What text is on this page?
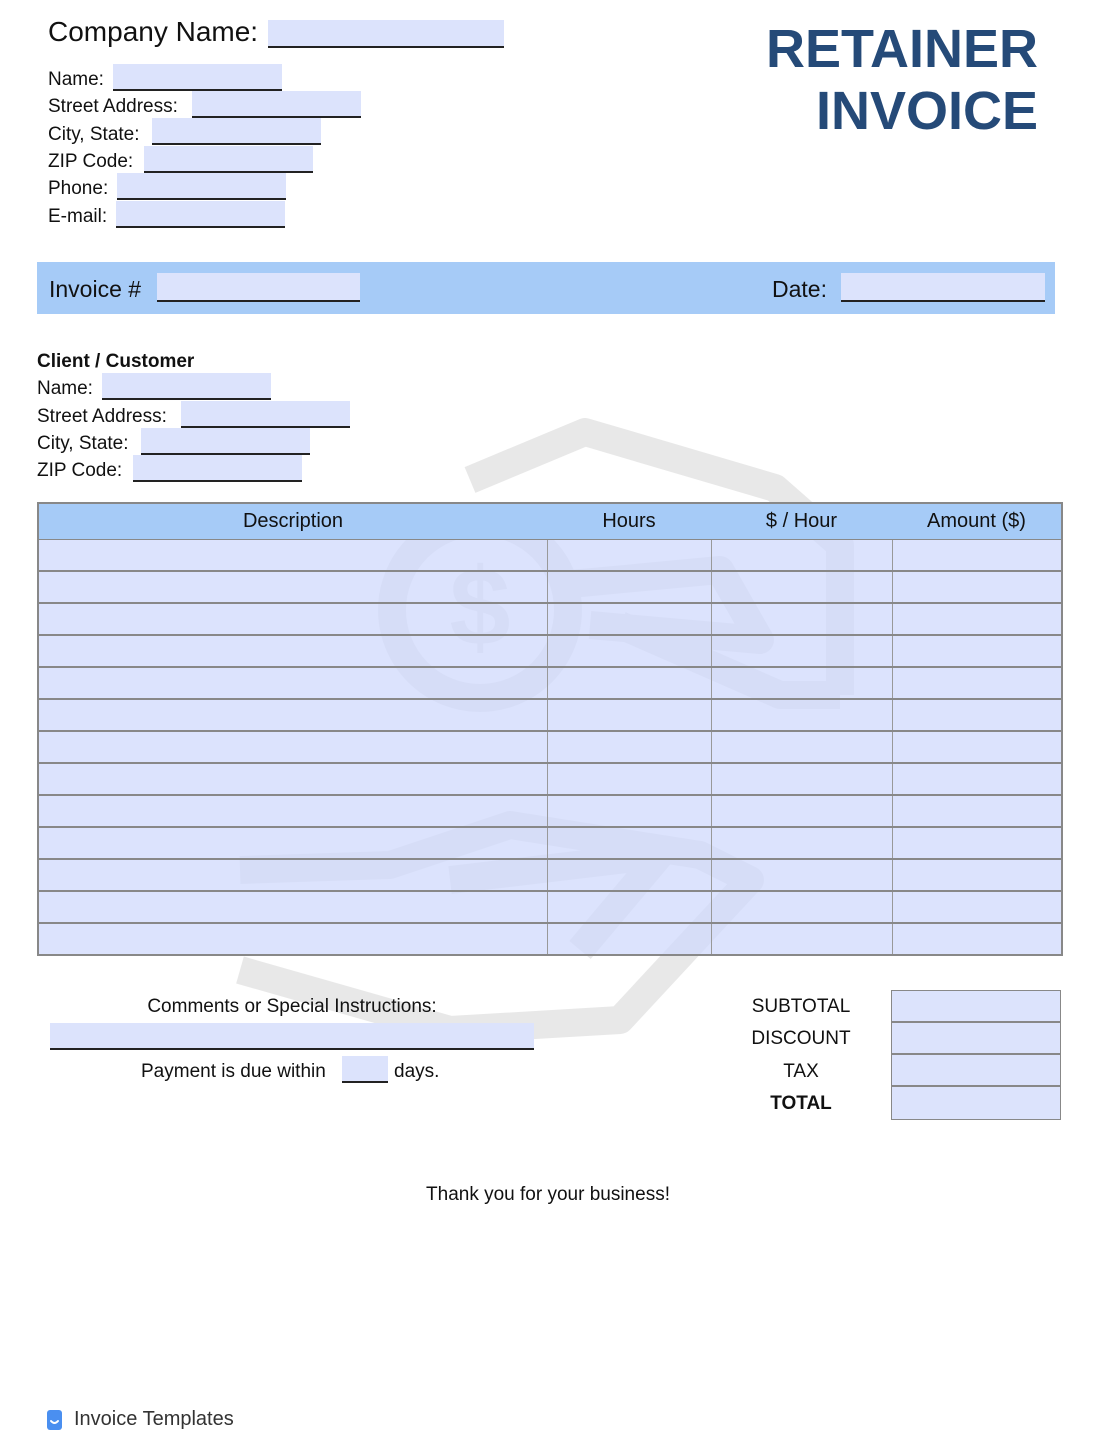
Company Name:	RETAINER
INVOICE
Name:
Street Address:
City, State:
ZIP Code:
Phone:
E-mail:
Invoice #	Date:
Client / Customer
Name:
Street Address:
City, State:
ZIP Code:
Description	Hours	$ / Hour	Amount ($)

Comments or Special Instructions:
Payment is due within	days.
SUBTOTAL
DISCOUNT
TAX
TOTAL
Thank you for your business!
Invoice Templates
